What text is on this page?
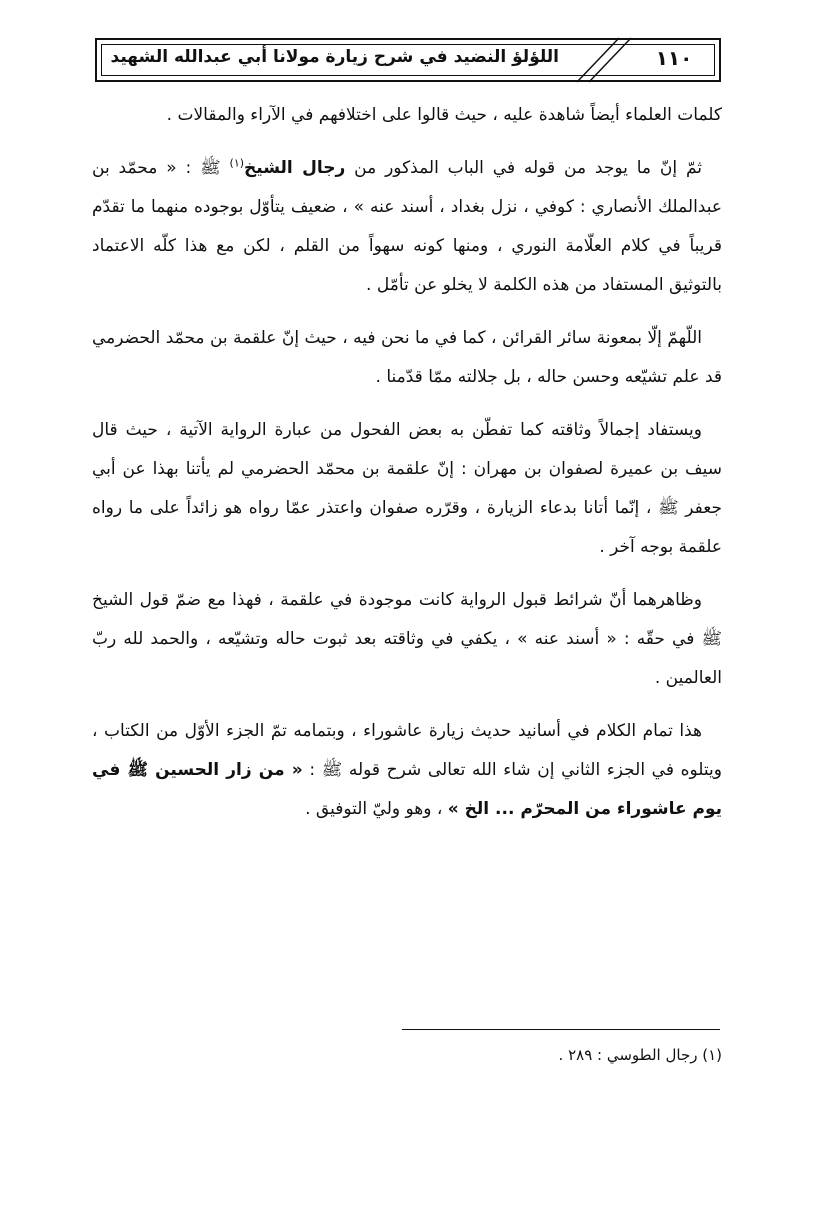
١١٠
اللؤلؤ النضيد في شرح زيارة مولانا أبي عبدالله الشهيد

كلمات العلماء أيضاً شاهدة عليه ، حيث قالوا على اختلافهم في الآراء والمقالات .

ثمّ إنّ ما يوجد من قوله في الباب المذكور من رجال الشيخ$^{(١)}$ ﷺ : « محمّد بن عبدالملك الأنصاري : كوفي ، نزل بغداد ، أسند عنه » ، ضعيف يتأوّل بوجوده منهما ما تقدّم قريباً في كلام العلّامة النوري ، ومنها كونه سهواً من القلم ، لكن مع هذا كلّه الاعتماد بالتوثيق المستفاد من هذه الكلمة لا يخلو عن تأمّل .

اللّهمّ إلّا بمعونة سائر القرائن ، كما في ما نحن فيه ، حيث إنّ علقمة بن محمّد الحضرمي قد علم تشيّعه وحسن حاله ، بل جلالته ممّا قدّمنا .

ويستفاد إجمالاً وثاقته كما تفطّن به بعض الفحول من عبارة الرواية الآتية ، حيث قال سيف بن عميرة لصفوان بن مهران : إنّ علقمة بن محمّد الحضرمي لم يأتنا بهذا عن أبي جعفر ﷺ ، إنّما أتانا بدعاء الزيارة ، وقرّره صفوان واعتذر عمّا رواه هو زائداً على ما رواه علقمة بوجه آخر .

وظاهرهما أنّ شرائط قبول الرواية كانت موجودة في علقمة ، فهذا مع ضمّ قول الشيخ ﷺ في حقّه : « أسند عنه » ، يكفي في وثاقته بعد ثبوت حاله وتشيّعه ، والحمد لله ربّ العالمين .

هذا تمام الكلام في أسانيد حديث زيارة عاشوراء ، وبتمامه تمّ الجزء الأوّل من الكتاب ، ويتلوه في الجزء الثاني إن شاء الله تعالى شرح قوله ﷺ : « من زار الحسين ﷺ في يوم عاشوراء من المحرّم ... الخ » ، وهو وليّ التوفيق .

(١) رجال الطوسي : ٢٨٩ .
